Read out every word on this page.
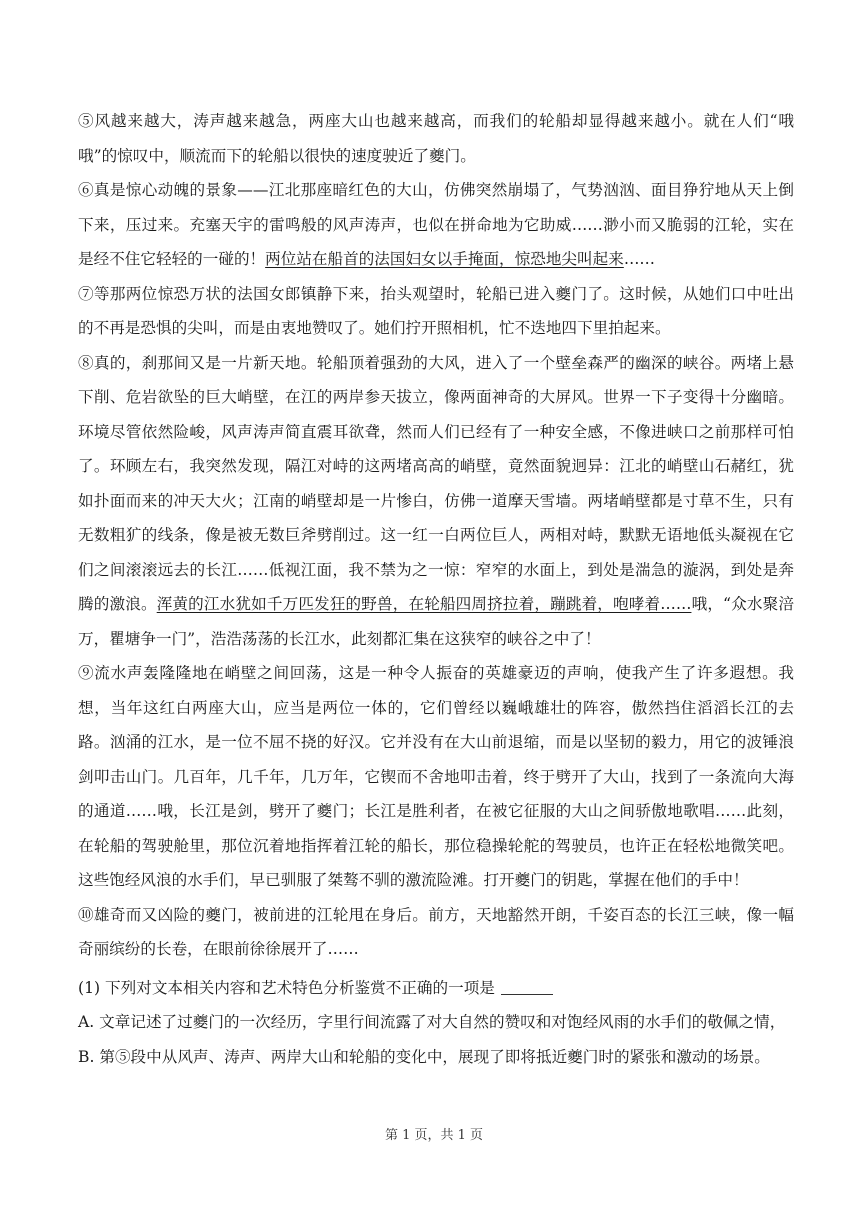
⑤风越来越大，涛声越来越急，两座大山也越来越高，而我们的轮船却显得越来越小。就在人们“哦哦”的惊叹中，顺流而下的轮船以很快的速度驶近了夔门。

⑥真是惊心动魄的景象——江北那座暗红色的大山，仿佛突然崩塌了，气势汹汹、面目狰狞地从天上倒下来，压过来。充塞天宇的雷鸣般的风声涛声，也似在拼命地为它助威……渺小而又脆弱的江轮，实在是经不住它轻轻的一碰的！两位站在船首的法国妇女以手掩面，惊恐地尖叫起来……

⑦等那两位惊恐万状的法国女郎镇静下来，抬头观望时，轮船已进入夔门了。这时候，从她们口中吐出的不再是恐惧的尖叫，而是由衷地赞叹了。她们拧开照相机，忙不迭地四下里拍起来。

⑧真的，刹那间又是一片新天地。轮船顶着强劲的大风，进入了一个壁垒森严的幽深的峡谷。两堵上悬下削、危岩欲坠的巨大峭壁，在江的两岸参天拔立，像两面神奇的大屏风。世界一下子变得十分幽暗。环境尽管依然险峻，风声涛声简直震耳欲聋，然而人们已经有了一种安全感，不像进峡口之前那样可怕了。环顾左右，我突然发现，隔江对峙的这两堵高高的峭壁，竟然面貌迥异：江北的峭壁山石赭红，犹如扑面而来的冲天大火；江南的峭壁却是一片惨白，仿佛一道摩天雪墙。两堵峭壁都是寸草不生，只有无数粗犷的线条，像是被无数巨斧劈削过。这一红一白两位巨人，两相对峙，默默无语地低头凝视在它们之间滚滚远去的长江……低视江面，我不禁为之一惊：窄窄的水面上，到处是湍急的漩涡，到处是奔腾的激浪。浑黄的江水犹如千万匹发狂的野兽，在轮船四周挤拉着，蹦跳着，咆哮着……哦，“众水聚涪万，瞿塘争一门”，浩浩荡荡的长江水，此刻都汇集在这狭窄的峡谷之中了！

⑨流水声轰隆隆地在峭壁之间回荡，这是一种令人振奋的英雄豪迈的声响，使我产生了许多遐想。我想，当年这红白两座大山，应当是两位一体的，它们曾经以巍峨雄壮的阵容，傲然挡住滔滔长江的去路。汹涌的江水，是一位不屈不挠的好汉。它并没有在大山前退缩，而是以坚韧的毅力，用它的波锤浪剑叩击山门。几百年，几千年，几万年，它锲而不舍地叩击着，终于劈开了大山，找到了一条流向大海的通道……哦，长江是剑，劈开了夔门；长江是胜利者，在被它征服的大山之间骄傲地歌唱……此刻，在轮船的驾驶舱里，那位沉着地指挥着江轮的船长，那位稳操轮舵的驾驶员，也许正在轻松地微笑吧。这些饱经风浪的水手们，早已驯服了桀骜不驯的激流险滩。打开夔门的钥匙，掌握在他们的手中！

⑩雄奇而又凶险的夔门，被前进的江轮甩在身后。前方，天地豁然开朗，千姿百态的长江三峡，像一幅奇丽缤纷的长卷，在眼前徐徐展开了……

(1) 下列对文本相关内容和艺术特色分析鉴赏不正确的一项是

A. 文章记述了过夔门的一次经历，字里行间流露了对大自然的赞叹和对饱经风雨的水手们的敬佩之情，

B. 第⑤段中从风声、涛声、两岸大山和轮船的变化中，展现了即将抵近夔门时的紧张和激动的场景。

第 1 页，共 1 页
